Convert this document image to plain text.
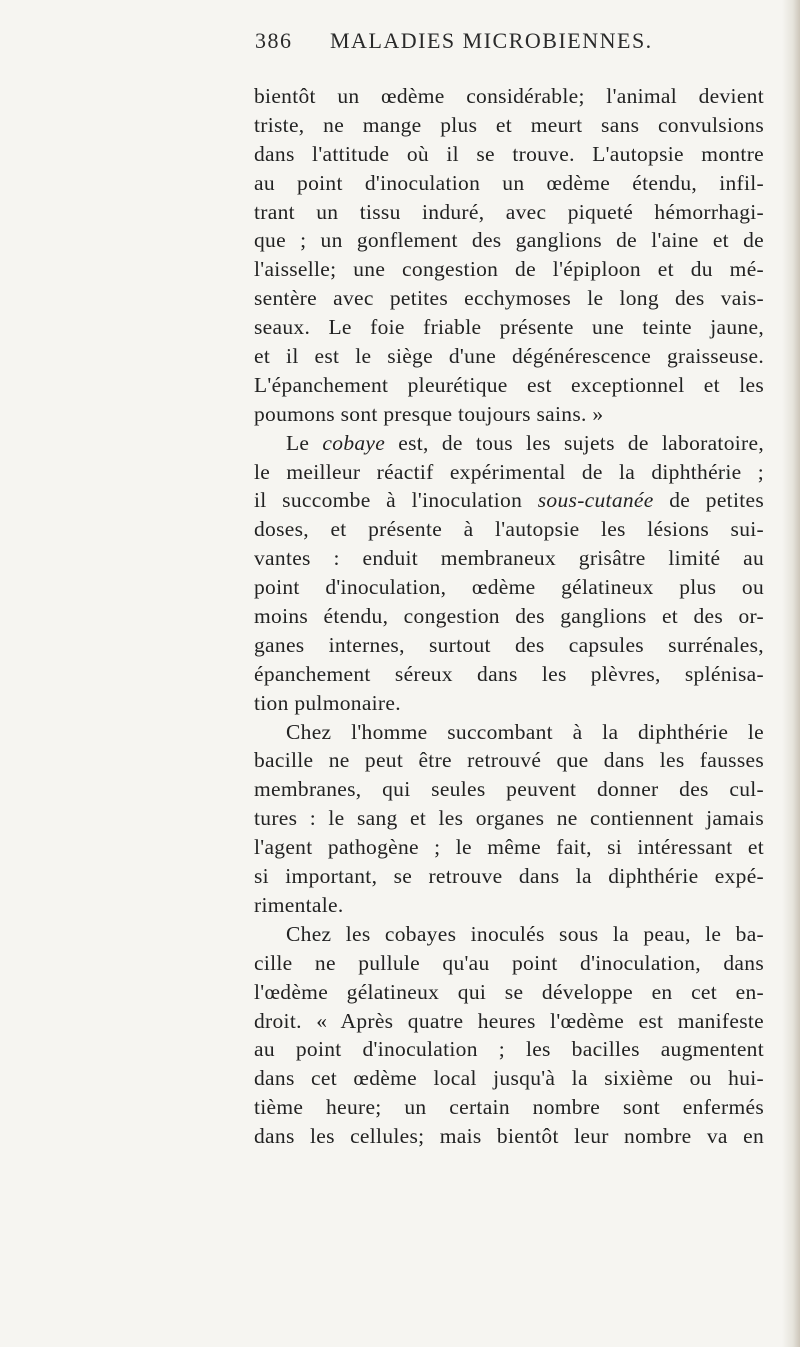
386 MALADIES MICROBIENNES.
bientôt un œdème considérable; l'animal devient
triste, ne mange plus et meurt sans convulsions
dans l'attitude où il se trouve. L'autopsie montre
au point d'inoculation un œdème étendu, infil-
trant un tissu induré, avec piqueté hémorrhagi-
que ; un gonflement des ganglions de l'aine et de
l'aisselle; une congestion de l'épiploon et du mé-
sentère avec petites ecchymoses le long des vais-
seaux. Le foie friable présente une teinte jaune,
et il est le siège d'une dégénérescence graisseuse.
L'épanchement pleurétique est exceptionnel et les
poumons sont presque toujours sains. »
Le cobaye est, de tous les sujets de laboratoire,
le meilleur réactif expérimental de la diphthérie ;
il succombe à l'inoculation sous-cutanée de petites
doses, et présente à l'autopsie les lésions sui-
vantes : enduit membraneux grisâtre limité au
point d'inoculation, œdème gélatineux plus ou
moins étendu, congestion des ganglions et des or-
ganes internes, surtout des capsules surrénales,
épanchement séreux dans les plèvres, splénisa-
tion pulmonaire.
Chez l'homme succombant à la diphthérie le
bacille ne peut être retrouvé que dans les fausses
membranes, qui seules peuvent donner des cul-
tures : le sang et les organes ne contiennent jamais
l'agent pathogène ; le même fait, si intéressant et
si important, se retrouve dans la diphthérie expé-
rimentale.
Chez les cobayes inoculés sous la peau, le ba-
cille ne pullule qu'au point d'inoculation, dans
l'œdème gélatineux qui se développe en cet en-
droit. « Après quatre heures l'œdème est manifeste
au point d'inoculation ; les bacilles augmentent
dans cet œdème local jusqu'à la sixième ou hui-
tième heure; un certain nombre sont enfermés
dans les cellules; mais bientôt leur nombre va en
